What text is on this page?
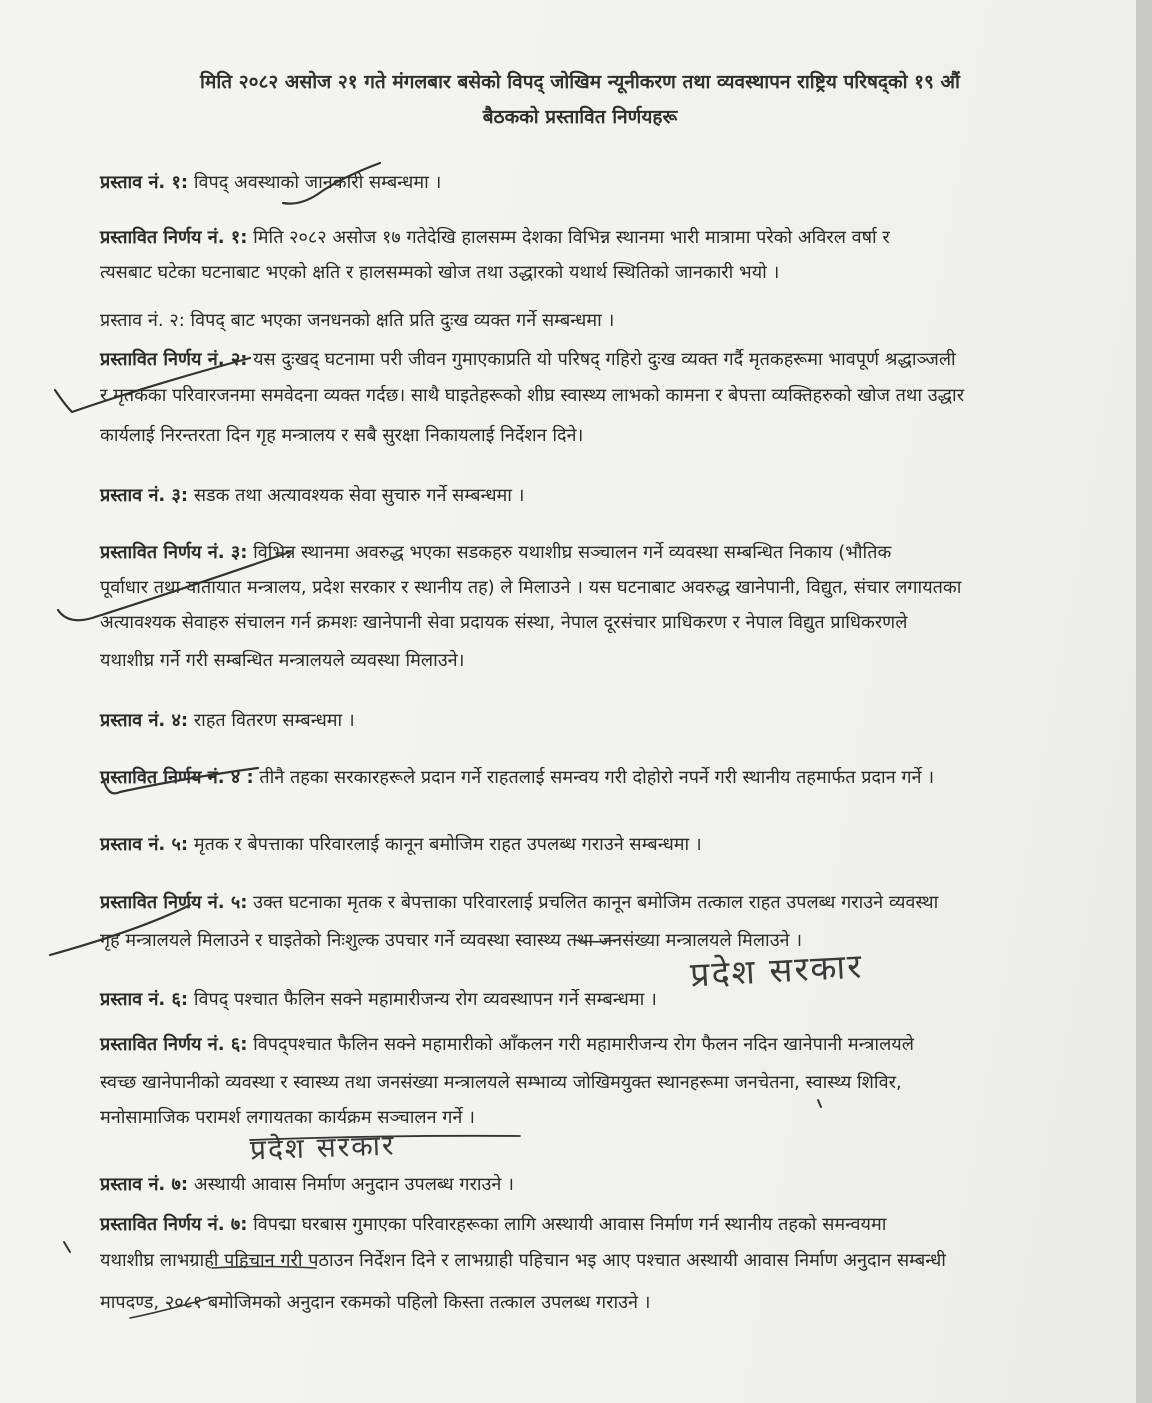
मिति २०८२ असोज २१ गते मंगलबार बसेको विपद् जोखिम न्यूनीकरण तथा व्यवस्थापन राष्ट्रिय परिषद्को १९ औं
बैठकको प्रस्तावित निर्णयहरू
प्रस्ताव नं. १: विपद् अवस्थाको जानकारी सम्बन्धमा ।
प्रस्तावित निर्णय नं. १: मिति २०८२ असोज १७ गतेदेखि हालसम्म देशका विभिन्न स्थानमा भारी मात्रामा परेको अविरल वर्षा र
त्यसबाट घटेका घटनाबाट भएको क्षति र हालसम्मको खोज तथा उद्धारको यथार्थ स्थितिको जानकारी भयो ।
प्रस्ताव नं. २: विपद् बाट भएका जनधनको क्षति प्रति दुःख व्यक्त गर्ने सम्बन्धमा ।
प्रस्तावित निर्णय नं. २: यस दुःखद् घटनामा परी जीवन गुमाएकाप्रति यो परिषद् गहिरो दुःख व्यक्त गर्दै मृतकहरूमा भावपूर्ण श्रद्धाञ्जली
र मृतकका परिवारजनमा समवेदना व्यक्त गर्दछ। साथै घाइतेहरूको शीघ्र स्वास्थ्य लाभको कामना र बेपत्ता व्यक्तिहरुको खोज तथा उद्धार
कार्यलाई निरन्तरता दिन गृह मन्त्रालय र सबै सुरक्षा निकायलाई निर्देशन दिने।
प्रस्ताव नं. ३: सडक तथा अत्यावश्यक सेवा सुचारु गर्ने सम्बन्धमा ।
प्रस्तावित निर्णय नं. ३: विभिन्न स्थानमा अवरुद्ध भएका सडकहरु यथाशीघ्र सञ्चालन गर्ने व्यवस्था सम्बन्धित निकाय (भौतिक
पूर्वाधार तथा यातायात मन्त्रालय, प्रदेश सरकार र स्थानीय तह) ले मिलाउने । यस घटनाबाट अवरुद्ध खानेपानी, विद्युत, संचार लगायतका
अत्यावश्यक सेवाहरु संचालन गर्न क्रमशः खानेपानी सेवा प्रदायक संस्था, नेपाल दूरसंचार प्राधिकरण र नेपाल विद्युत प्राधिकरणले
यथाशीघ्र गर्ने गरी सम्बन्धित मन्त्रालयले व्यवस्था मिलाउने।
प्रस्ताव नं. ४: राहत वितरण सम्बन्धमा ।
प्रस्तावित निर्णय नं. ४ : तीनै तहका सरकारहरूले प्रदान गर्ने राहतलाई समन्वय गरी दोहोरो नपर्ने गरी स्थानीय तहमार्फत प्रदान गर्ने ।
प्रस्ताव नं. ५: मृतक र बेपत्ताका परिवारलाई कानून बमोजिम राहत उपलब्ध गराउने सम्बन्धमा ।
प्रस्तावित निर्णय नं. ५: उक्त घटनाका मृतक र बेपत्ताका परिवारलाई प्रचलित कानून बमोजिम तत्काल राहत उपलब्ध गराउने व्यवस्था
गृह मन्त्रालयले मिलाउने र घाइतेको निःशुल्क उपचार गर्ने व्यवस्था स्वास्थ्य तथा जनसंख्या मन्त्रालयले मिलाउने ।
प्रस्ताव नं. ६: विपद् पश्चात फैलिन सक्ने महामारीजन्य रोग व्यवस्थापन गर्ने सम्बन्धमा ।
प्रस्तावित निर्णय नं. ६: विपद्पश्चात फैलिन सक्ने महामारीको आँकलन गरी महामारीजन्य रोग फैलन नदिन खानेपानी मन्त्रालयले
स्वच्छ खानेपानीको व्यवस्था र स्वास्थ्य तथा जनसंख्या मन्त्रालयले सम्भाव्य जोखिमयुक्त स्थानहरूमा जनचेतना, स्वास्थ्य शिविर,
मनोसामाजिक परामर्श लगायतका कार्यक्रम सञ्चालन गर्ने ।
प्रस्ताव नं. ७: अस्थायी आवास निर्माण अनुदान उपलब्ध गराउने ।
प्रस्तावित निर्णय नं. ७: विपद्मा घरबास गुमाएका परिवारहरूका लागि अस्थायी आवास निर्माण गर्न स्थानीय तहको समन्वयमा
यथाशीघ्र लाभग्राही पहिचान गरी पठाउन निर्देशन दिने र लाभग्राही पहिचान भइ आए पश्चात अस्थायी आवास निर्माण अनुदान सम्बन्धी
मापदण्ड, २०८१ बमोजिमको अनुदान रकमको पहिलो किस्ता तत्काल उपलब्ध गराउने ।
प्रदेश सरकार
प्रदेश सरकार
